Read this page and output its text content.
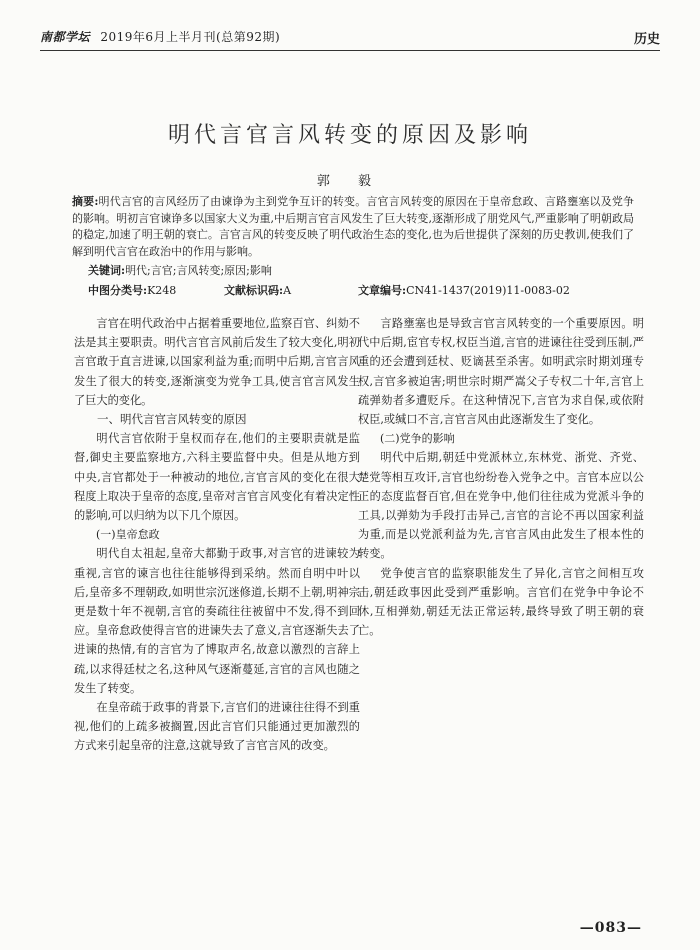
南都学坛 2019年6月上半月刊(总第92期)	历史
明代言官言风转变的原因及影响
郭 毅
摘要:明代言官的言风经历了由谏诤为主到党争互讦的转变。言官言风转变的原因在于皇帝怠政、言路壅塞以及党争的影响。明初言官谏诤多以国家大义为重,中后期言官言风发生了巨大转变,逐渐形成了朋党风气,严重影响了明朝政局的稳定,加速了明王朝的衰亡。言官言风的转变反映了明代政治生态的变化,也为后世提供了深刻的历史教训,使我们了解到明代言官在政治中的作用与影响。
关键词:明代;言官;言风转变;原因;影响
中图分类号:K248	文献标识码:A	文章编号:CN41-1437(2019)11-0083-02

言官在明代政治中占据着重要地位,监察百官、纠劾不法是其主要职责。明代言官言风前后发生了较大变化,明初言官敢于直言进谏,以国家利益为重;而明中后期,言官言风发生了很大的转变,逐渐演变为党争工具,使言官言风发生了巨大的变化。

一、明代言官言风转变的原因

明代言官依附于皇权而存在,他们的主要职责就是监督,御史主要监察地方,六科主要监督中央。但是从地方到中央,言官都处于一种被动的地位,言官言风的变化在很大程度上取决于皇帝的态度,皇帝对言官言风变化有着决定性的影响,可以归纳为以下几个原因。

(一)皇帝怠政

明代自太祖起,皇帝大都勤于政事,对言官的进谏较为重视,言官的谏言也往往能够得到采纳。然而自明中叶以后,皇帝多不理朝政,如明世宗沉迷修道,长期不上朝,明神宗更是数十年不视朝,言官的奏疏往往被留中不发,得不到回应。皇帝怠政使得言官的进谏失去了意义,言官逐渐失去了进谏的热情,有的言官为了博取声名,故意以激烈的言辞上疏,以求得廷杖之名,这种风气逐渐蔓延,言官的言风也随之发生了转变。

在皇帝疏于政事的背景下,言官们的进谏往往得不到重视,他们的上疏多被搁置,因此言官们只能通过更加激烈的方式来引起皇帝的注意,这就导致了言官言风的改变。

言路壅塞也是导致言官言风转变的一个重要原因。明代中后期,宦官专权,权臣当道,言官的进谏往往受到压制,严重的还会遭到廷杖、贬谪甚至杀害。如明武宗时期刘瑾专权,言官多被迫害;明世宗时期严嵩父子专权二十年,言官上疏弹劾者多遭贬斥。在这种情况下,言官为求自保,或依附权臣,或缄口不言,言官言风由此逐渐发生了变化。

(二)党争的影响

明代中后期,朝廷中党派林立,东林党、浙党、齐党、楚党等相互攻讦,言官也纷纷卷入党争之中。言官本应以公正的态度监督百官,但在党争中,他们往往成为党派斗争的工具,以弹劾为手段打击异己,言官的言论不再以国家利益为重,而是以党派利益为先,言官言风由此发生了根本性的转变。

党争使言官的监察职能发生了异化,言官之间相互攻击,朝廷政事因此受到严重影响。言官们在党争中争论不休,互相弹劾,朝廷无法正常运转,最终导致了明王朝的衰亡。

—083—
